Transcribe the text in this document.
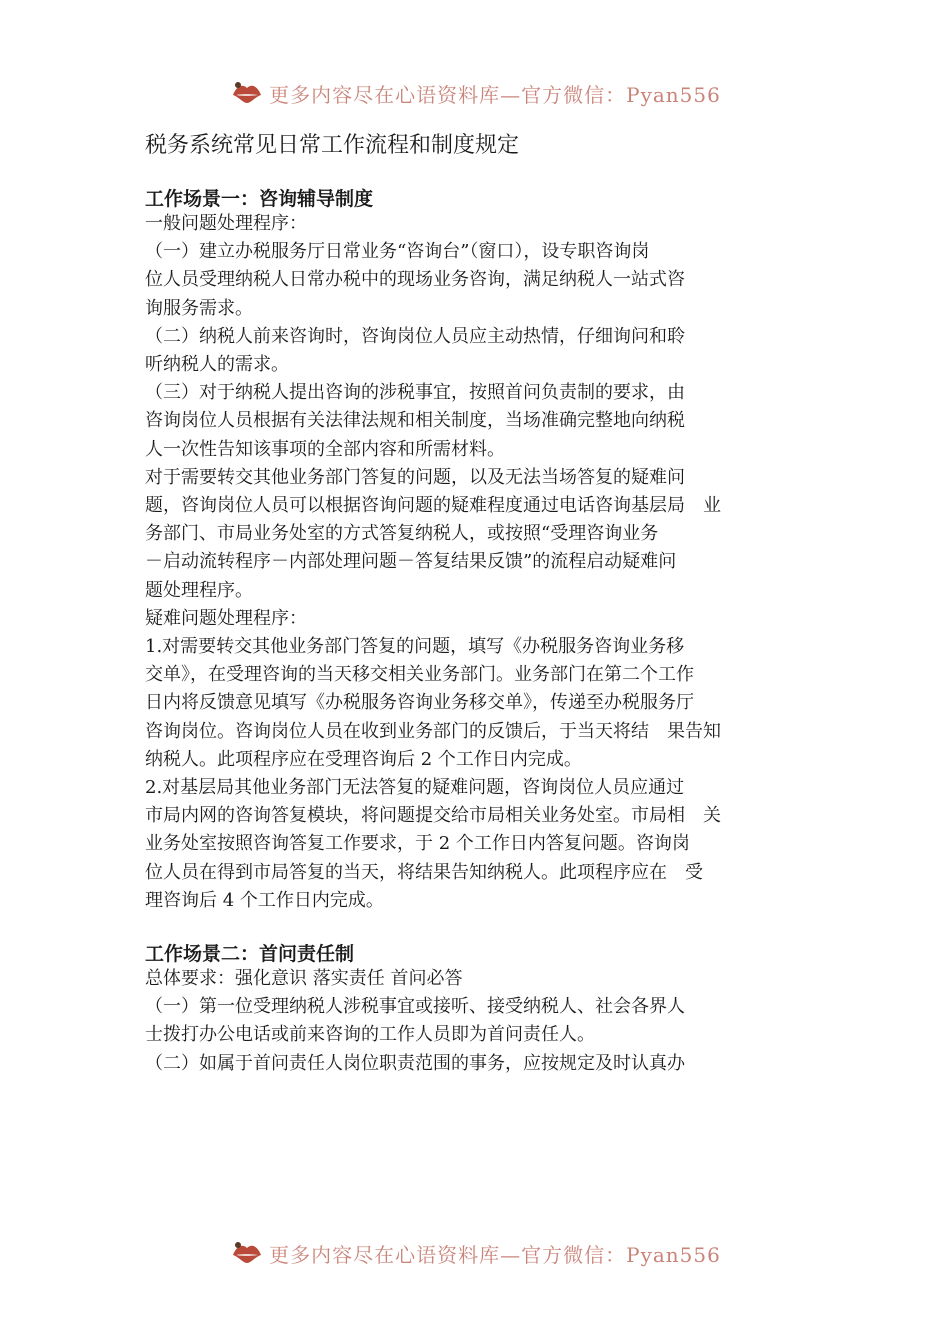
更多内容尽在心语资料库—官方微信：Pyan556
税务系统常见日常工作流程和制度规定
工作场景一：咨询辅导制度

一般问题处理程序：

（一）建立办税服务厅日常业务“咨询台”（窗口），设专职咨询岗

位人员受理纳税人日常办税中的现场业务咨询，满足纳税人一站式咨

询服务需求。

（二）纳税人前来咨询时，咨询岗位人员应主动热情，仔细询问和聆

听纳税人的需求。

（三）对于纳税人提出咨询的涉税事宜，按照首问负责制的要求，由

咨询岗位人员根据有关法律法规和相关制度，当场准确完整地向纳税

人一次性告知该事项的全部内容和所需材料。

对于需要转交其他业务部门答复的问题，以及无法当场答复的疑难问

题，咨询岗位人员可以根据咨询问题的疑难程度通过电话咨询基层局　业

务部门、市局业务处室的方式答复纳税人，或按照“受理咨询业务

－启动流转程序－内部处理问题－答复结果反馈”的流程启动疑难问

题处理程序。

疑难问题处理程序：

1.对需要转交其他业务部门答复的问题，填写《办税服务咨询业务移

交单》，在受理咨询的当天移交相关业务部门。业务部门在第二个工作

日内将反馈意见填写《办税服务咨询业务移交单》，传递至办税服务厅

咨询岗位。咨询岗位人员在收到业务部门的反馈后，于当天将结　果告知

纳税人。此项程序应在受理咨询后 2 个工作日内完成。

2.对基层局其他业务部门无法答复的疑难问题，咨询岗位人员应通过

市局内网的咨询答复模块，将问题提交给市局相关业务处室。市局相　关

业务处室按照咨询答复工作要求，于 2 个工作日内答复问题。咨询岗

位人员在得到市局答复的当天，将结果告知纳税人。此项程序应在　受

理咨询后 4 个工作日内完成。

工作场景二：首问责任制

总体要求：强化意识 落实责任 首问必答

（一）第一位受理纳税人涉税事宜或接听、接受纳税人、社会各界人

士拨打办公电话或前来咨询的工作人员即为首问责任人。

（二）如属于首问责任人岗位职责范围的事务，应按规定及时认真办

更多内容尽在心语资料库—官方微信：Pyan556
